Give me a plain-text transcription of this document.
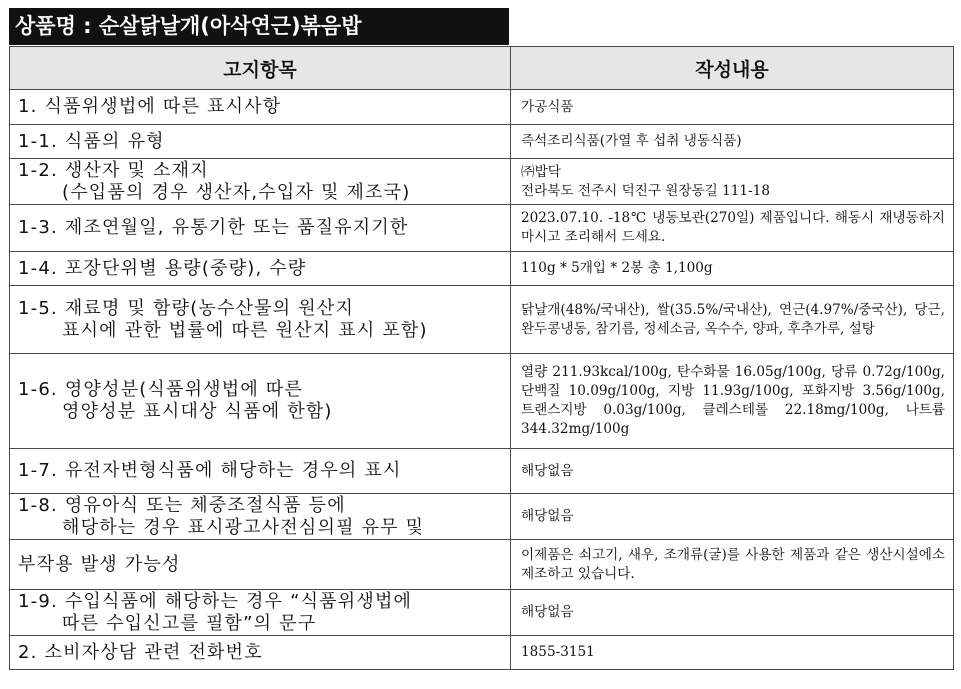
상품명 : 순살닭날개(아삭연근)볶음밥
고지항목	작성내용

1. 식품위생법에 따른 표시사항	가공식품

1-1. 식품의 유형	즉석조리식품(가열 후 섭취 냉동식품)

1-2. 생산자 및 소재지
(수입품의 경우 생산자,수입자 및 제조국)	㈜밥닥
전라북도 전주시 덕진구 원장동길 111-18

1-3. 제조연월일, 유통기한 또는 품질유지기한	2023.07.10. -18℃ 냉동보관(270일) 제품입니다. 해동시 재냉동하지 마시고 조리해서 드세요.

1-4. 포장단위별 용량(중량), 수량	110g * 5개입 * 2봉 총 1,100g

1-5. 재료명 및 함량(농수산물의 원산지
표시에 관한 법률에 따른 원산지 표시 포함)	닭날개(48%/국내산), 쌀(35.5%/국내산), 연근(4.97%/중국산), 당근, 완두콩냉동, 참기름, 정세소금, 옥수수, 양파, 후추가루, 설탕

1-6. 영양성분(식품위생법에 따른
영양성분 표시대상 식품에 한함)	열량 211.93kcal/100g, 탄수화물 16.05g/100g, 당류 0.72g/100g, 단백질 10.09g/100g, 지방 11.93g/100g, 포화지방 3.56g/100g, 트랜스지방 0.03g/100g, 클레스테롤 22.18mg/100g, 나트륨 344.32mg/100g

1-7. 유전자변형식품에 해당하는 경우의 표시	해당없음

1-8. 영유아식 또는 체중조절식품 등에
해당하는 경우 표시광고사전심의필 유무 및	해당없음

부작용 발생 가능성	이제품은 쇠고기, 새우, 조개류(굴)를 사용한 제품과 같은 생산시설에소 제조하고 있습니다.

1-9. 수입식품에 해당하는 경우 “식품위생법에
따른 수입신고를 필함”의 문구	해당없음

2. 소비자상담 관련 전화번호	1855-3151
